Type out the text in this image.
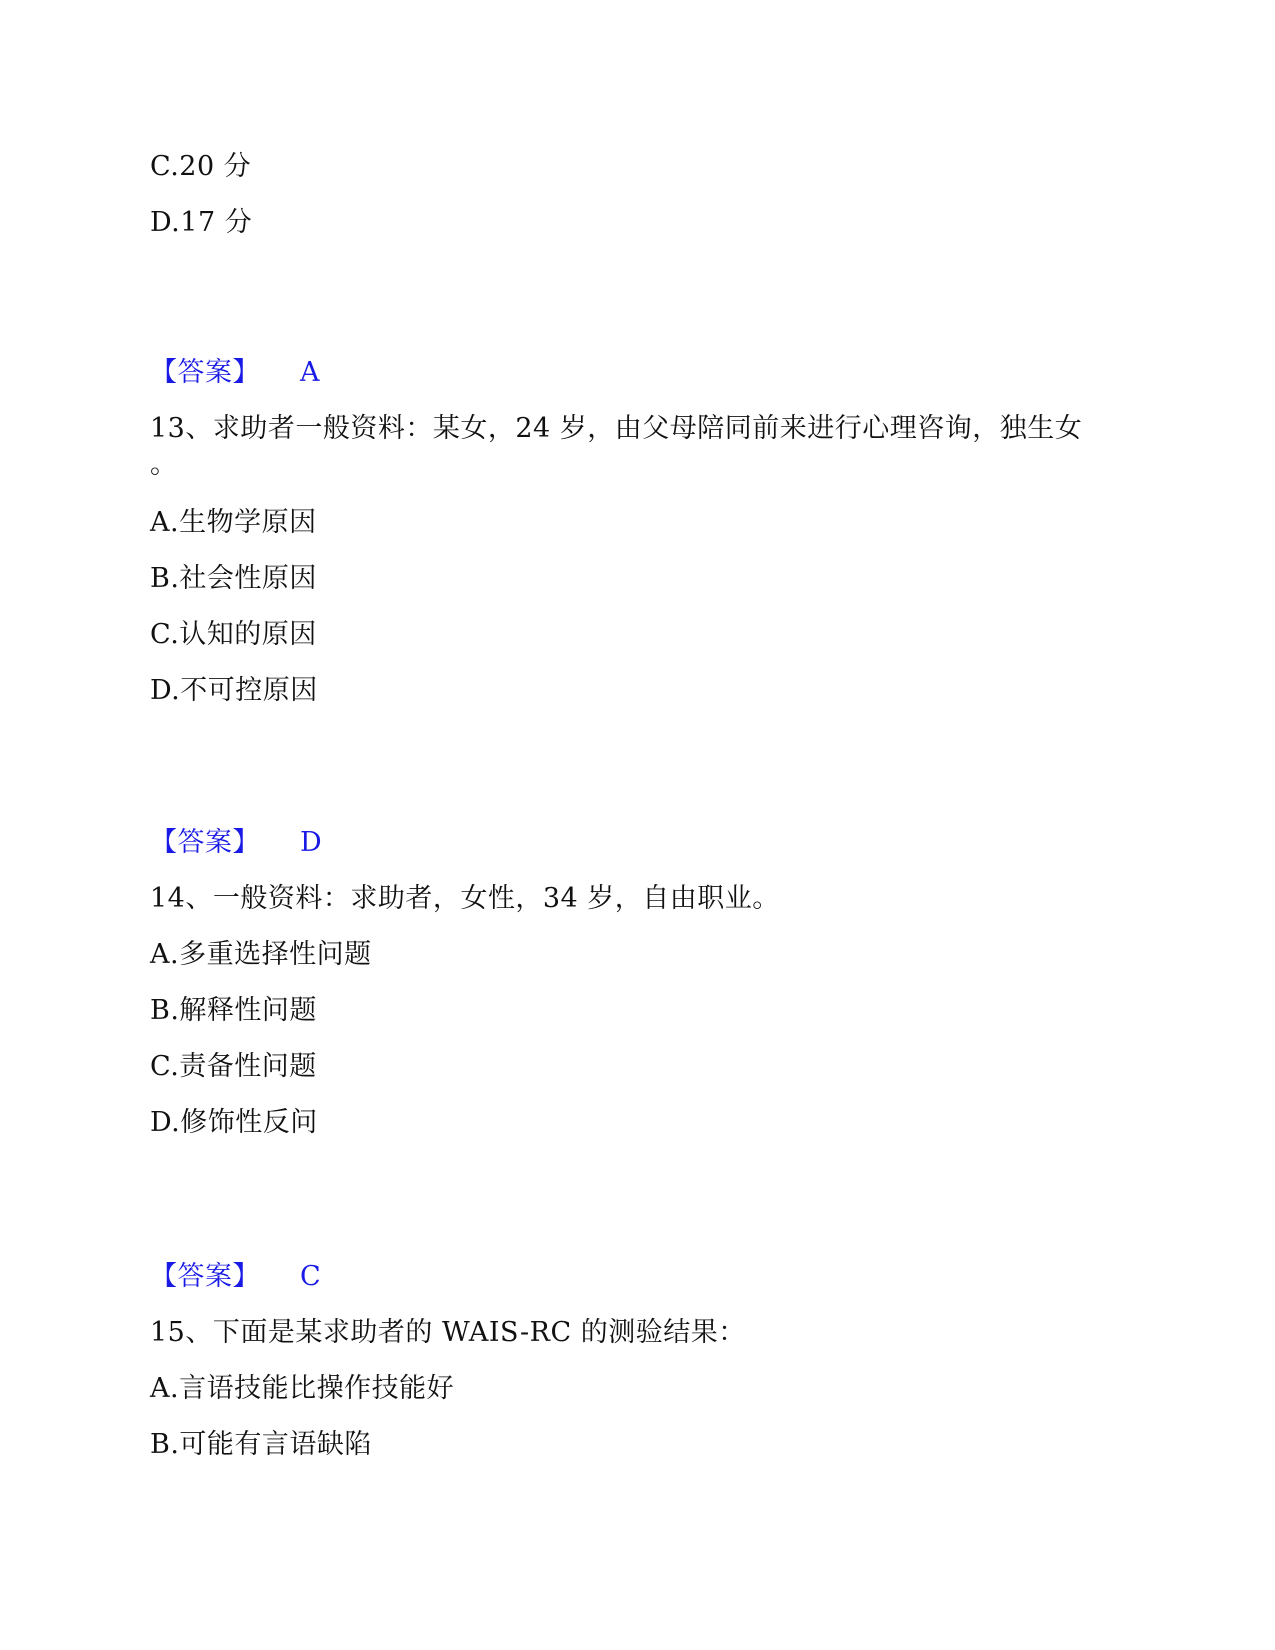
C.20 分
D.17 分
【答案】 A
13、求助者一般资料：某女，24 岁，由父母陪同前来进行心理咨询，独生女
。
A.生物学原因
B.社会性原因
C.认知的原因
D.不可控原因
【答案】 D
14、一般资料：求助者，女性，34 岁，自由职业。
A.多重选择性问题
B.解释性问题
C.责备性问题
D.修饰性反问
【答案】 C
15、下面是某求助者的 WAIS-RC 的测验结果：
A.言语技能比操作技能好
B.可能有言语缺陷
